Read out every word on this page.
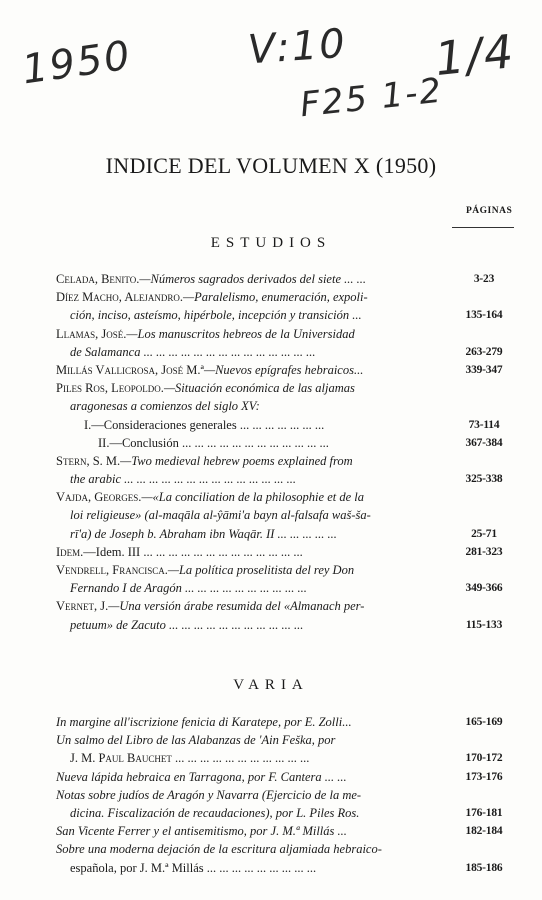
1950	V:10
F25 1-2
1/4
INDICE DEL VOLUMEN X (1950)
PÁGINAS
ESTUDIOS
Celada, Benito.—Números sagrados derivados del siete ... ...	3-23
Díez Macho, Alejandro.—Paralelismo, enumeración, expoli-
ción, inciso, asteísmo, hipérbole, incepción y transición ...	135-164
Llamas, José.—Los manuscritos hebreos de la Universidad
de Salamanca ... ... ... ... ... ... ... ... ... ... ... ... ... ...	263-279
Millás Vallicrosa, José M.ª—Nuevos epígrafes hebraicos...	339-347
Piles Ros, Leopoldo.—Situación económica de las aljamas
aragonesas a comienzos del siglo XV:
I.—Consideraciones generales ... ... ... ... ... ... ...	73-114
II.—Conclusión ... ... ... ... ... ... ... ... ... ... ... ...	367-384
Stern, S. M.—Two medieval hebrew poems explained from
the arabic ... ... ... ... ... ... ... ... ... ... ... ... ... ...	325-338
Vajda, Georges.—«La conciliation de la philosophie et de la
loi religieuse» (al-maqāla al-ŷāmi'a bayn al-falsafa waš-ša-
rī'a) de Joseph b. Abraham ibn Waqār. II ... ... ... ... ...	25-71
Idem.—Idem. III ... ... ... ... ... ... ... ... ... ... ... ... ...	281-323
Vendrell, Francisca.—La política proselitista del rey Don
Fernando I de Aragón ... ... ... ... ... ... ... ... ... ...	349-366
Vernet, J.—Una versión árabe resumida del «Almanach per-
petuum» de Zacuto ... ... ... ... ... ... ... ... ... ... ...	115-133
VARIA
In margine all'iscrizione fenicia di Karatepe, por E. Zolli...	165-169
Un salmo del Libro de las Alabanzas de 'Ain Feška, por
J. M. Paul Bauchet ... ... ... ... ... ... ... ... ... ... ...	170-172
Nueva lápida hebraica en Tarragona, por F. Cantera ... ...	173-176
Notas sobre judíos de Aragón y Navarra (Ejercicio de la me-
dicina. Fiscalización de recaudaciones), por L. Piles Ros.	176-181
San Vicente Ferrer y el antisemitismo, por J. M.ª Millás ...	182-184
Sobre una moderna dejación de la escritura aljamiada hebraico-
española, por J. M.ª Millás ... ... ... ... ... ... ... ... ...	185-186
